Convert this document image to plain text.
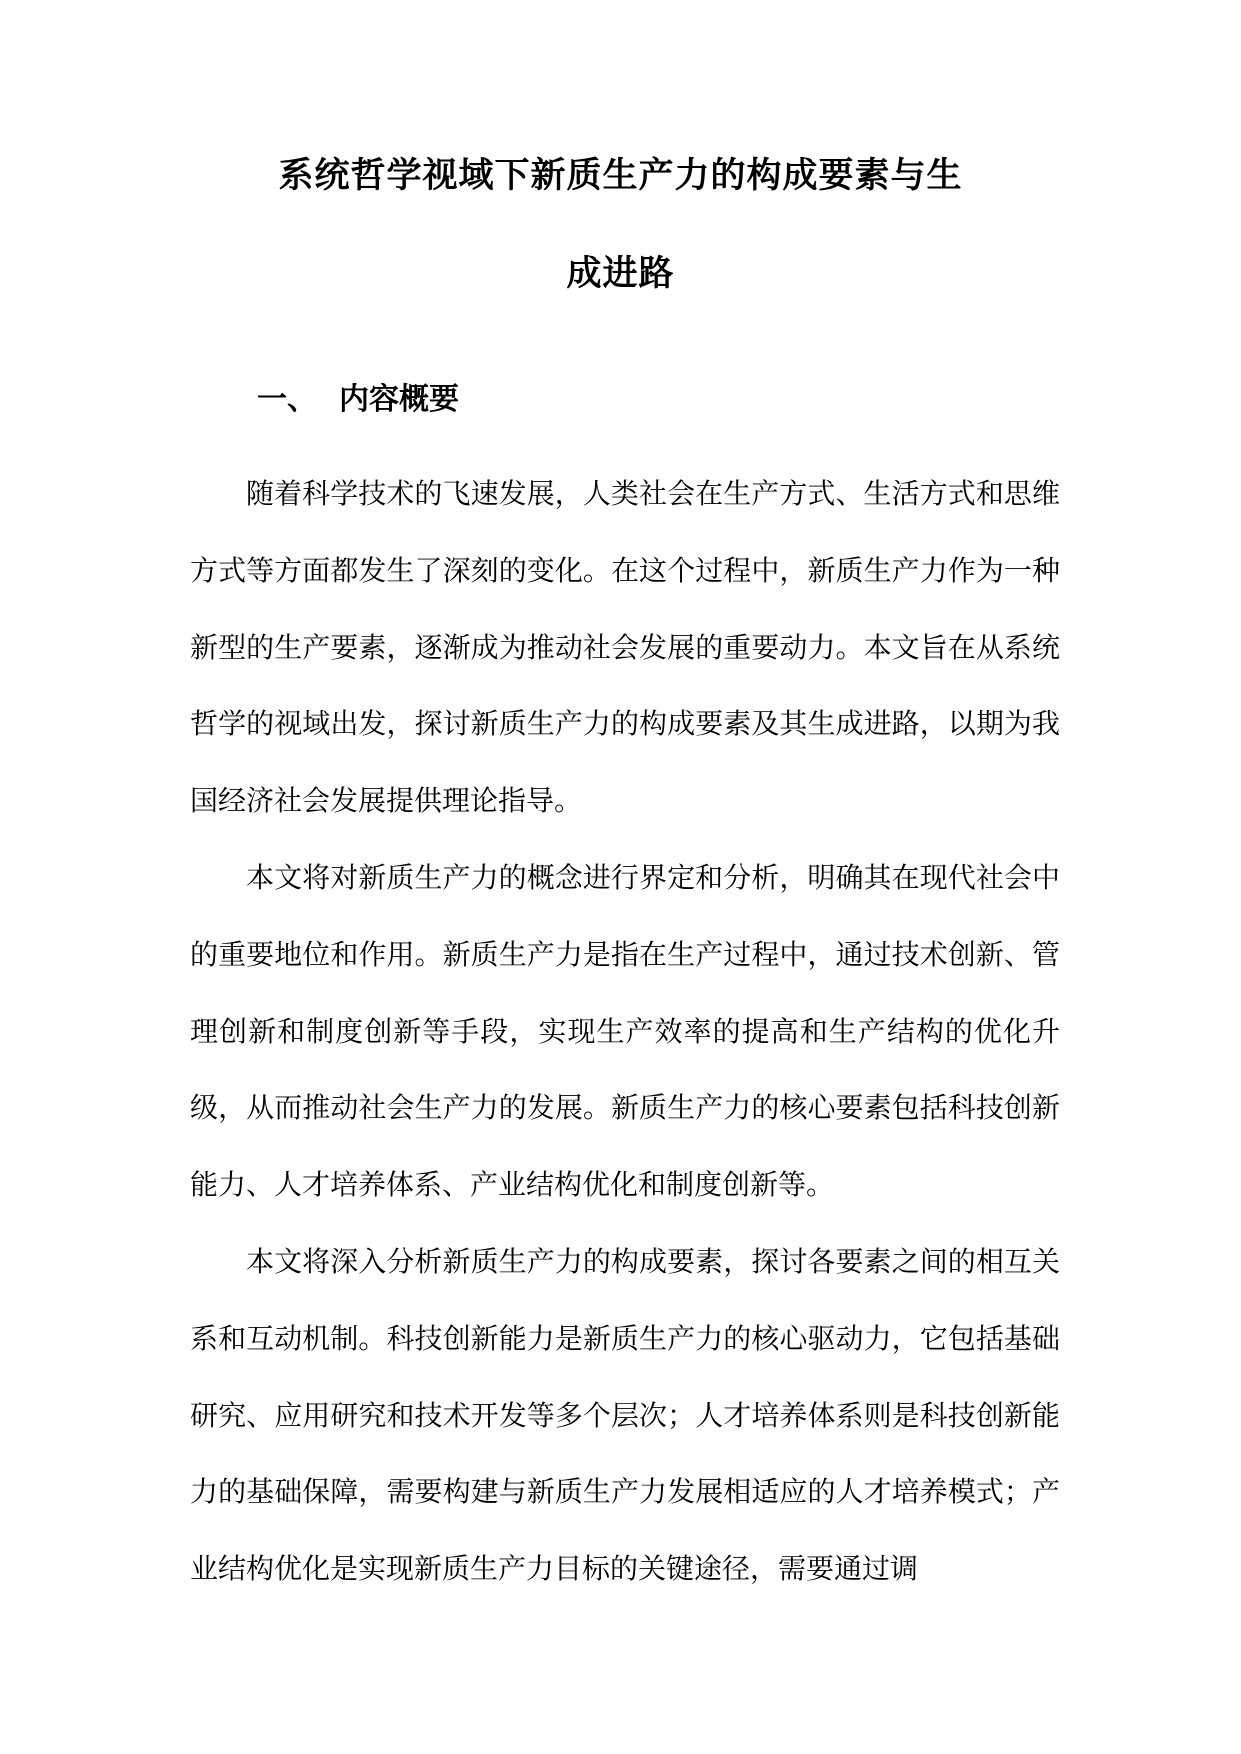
系统哲学视域下新质生产力的构成要素与生
成进路
一、 内容概要

随着科学技术的飞速发展，人类社会在生产方式、生活方式和思维方式等方面都发生了深刻的变化。在这个过程中，新质生产力作为一种新型的生产要素，逐渐成为推动社会发展的重要动力。本文旨在从系统哲学的视域出发，探讨新质生产力的构成要素及其生成进路，以期为我国经济社会发展提供理论指导。

本文将对新质生产力的概念进行界定和分析，明确其在现代社会中的重要地位和作用。新质生产力是指在生产过程中，通过技术创新、管理创新和制度创新等手段，实现生产效率的提高和生产结构的优化升级，从而推动社会生产力的发展。新质生产力的核心要素包括科技创新能力、人才培养体系、产业结构优化和制度创新等。

本文将深入分析新质生产力的构成要素，探讨各要素之间的相互关系和互动机制。科技创新能力是新质生产力的核心驱动力，它包括基础研究、应用研究和技术开发等多个层次；人才培养体系则是科技创新能力的基础保障，需要构建与新质生产力发展相适应的人才培养模式；产业结构优化是实现新质生产力目标的关键途径，需要通过调
